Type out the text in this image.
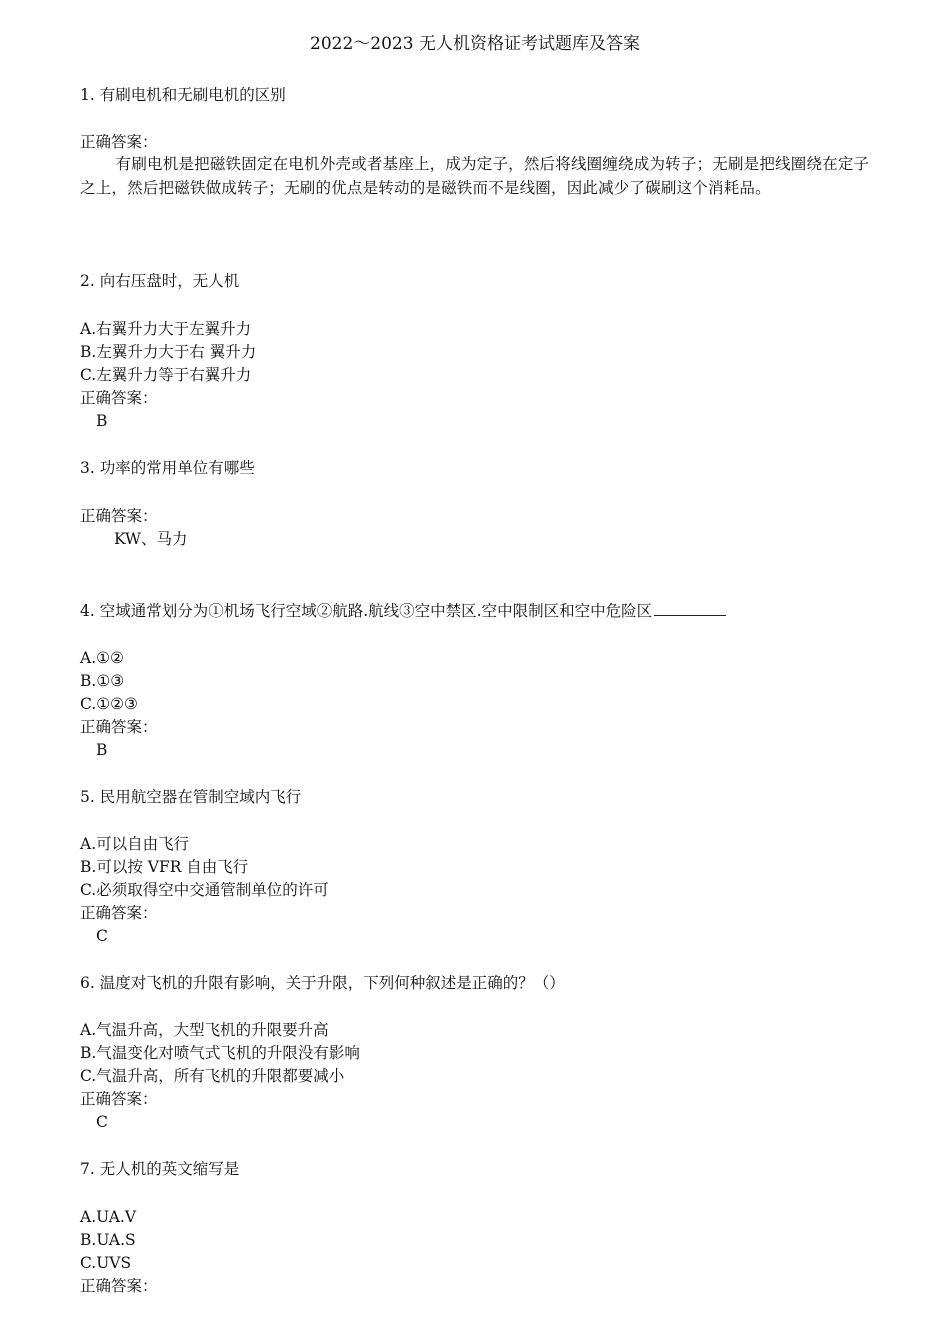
2022～2023 无人机资格证考试题库及答案
1. 有刷电机和无刷电机的区别
正确答案：
有刷电机是把磁铁固定在电机外壳或者基座上，成为定子，然后将线圈缠绕成为转子；无刷是把线圈绕在定子之上，然后把磁铁做成转子；无刷的优点是转动的是磁铁而不是线圈，因此减少了碳刷这个消耗品。
2. 向右压盘时，无人机
A.右翼升力大于左翼升力
B.左翼升力大于右 翼升力
C.左翼升力等于右翼升力
正确答案：
B
3. 功率的常用单位有哪些
正确答案：
KW、马力
4. 空域通常划分为①机场飞行空域②航路.航线③空中禁区.空中限制区和空中危险区
A.①②
B.①③
C.①②③
正确答案：
B
5. 民用航空器在管制空域内飞行
A.可以自由飞行
B.可以按 VFR 自由飞行
C.必须取得空中交通管制单位的许可
正确答案：
C
6. 温度对飞机的升限有影响，关于升限，下列何种叙述是正确的？（）
A.气温升高，大型飞机的升限要升高
B.气温变化对喷气式飞机的升限没有影响
C.气温升高，所有飞机的升限都要减小
正确答案：
C
7. 无人机的英文缩写是
A.UA.V
B.UA.S
C.UVS
正确答案：
